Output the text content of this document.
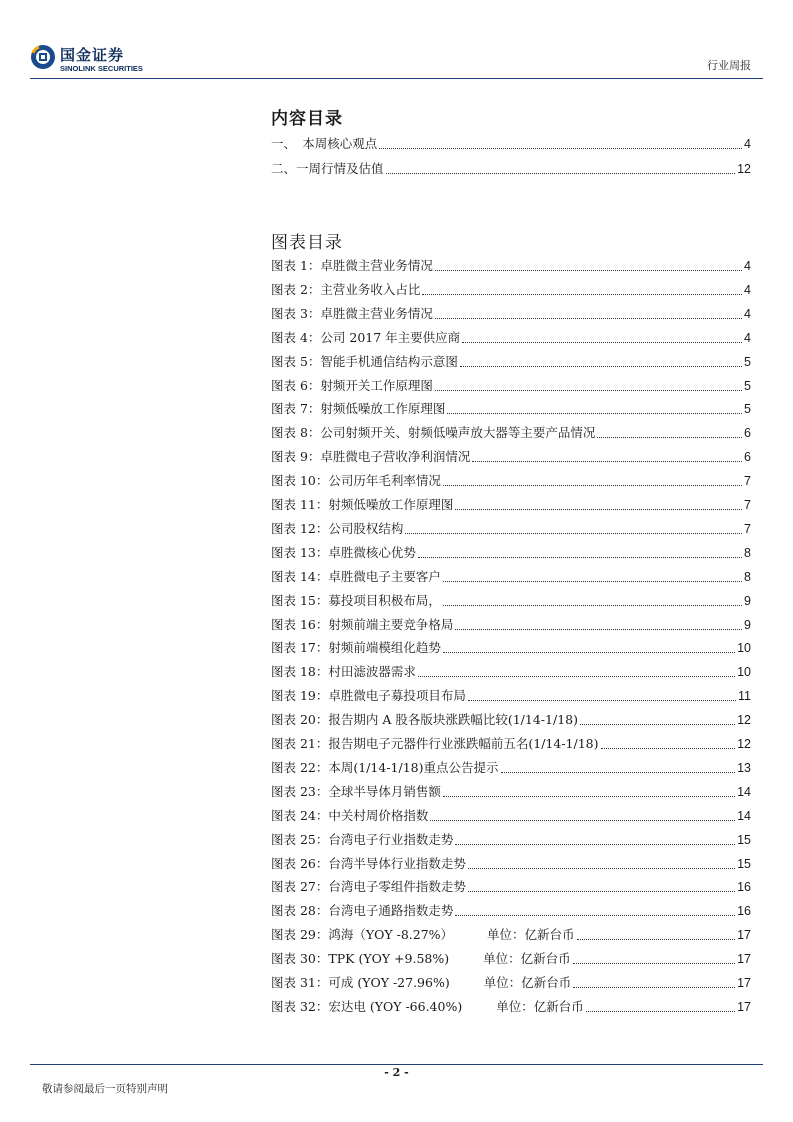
国金证券
SINOLINK SECURITIES	行业周报
内容目录
一、　本周核心观点	4
二、一周行情及估值	12
图表目录
图表 1：卓胜微主营业务情况	4
图表 2：主营业务收入占比	4
图表 3：卓胜微主营业务情况	4
图表 4：公司 2017 年主要供应商	4
图表 5：智能手机通信结构示意图	5
图表 6：射频开关工作原理图	5
图表 7：射频低噪放工作原理图	5
图表 8：公司射频开关、射频低噪声放大器等主要产品情况	6
图表 9：卓胜微电子营收净利润情况	6
图表 10：公司历年毛利率情况	7
图表 11：射频低噪放工作原理图	7
图表 12：公司股权结构	7
图表 13：卓胜微核心优势	8
图表 14：卓胜微电子主要客户	8
图表 15：募投项目积极布局，	9
图表 16：射频前端主要竞争格局	9
图表 17：射频前端模组化趋势	10
图表 18：村田滤波器需求	10
图表 19：卓胜微电子募投项目布局	11
图表 20：报告期内 A 股各版块涨跌幅比较(1/14-1/18)	12
图表 21：报告期电子元器件行业涨跌幅前五名(1/14-1/18)	12
图表 22：本周(1/14-1/18)重点公告提示	13
图表 23：全球半导体月销售额	14
图表 24：中关村周价格指数	14
图表 25：台湾电子行业指数走势	15
图表 26：台湾半导体行业指数走势	15
图表 27：台湾电子零组件指数走势	16
图表 28：台湾电子通路指数走势	16
图表 29：鸿海（YOY -8.27%）	单位：亿新台币	17
图表 30：TPK (YOY +9.58%)	单位：亿新台币	17
图表 31：可成 (YOY -27.96%)	单位：亿新台币	17
图表 32：宏达电 (YOY -66.40%)	单位：亿新台币	17
- 2 -
敬请参阅最后一页特别声明
